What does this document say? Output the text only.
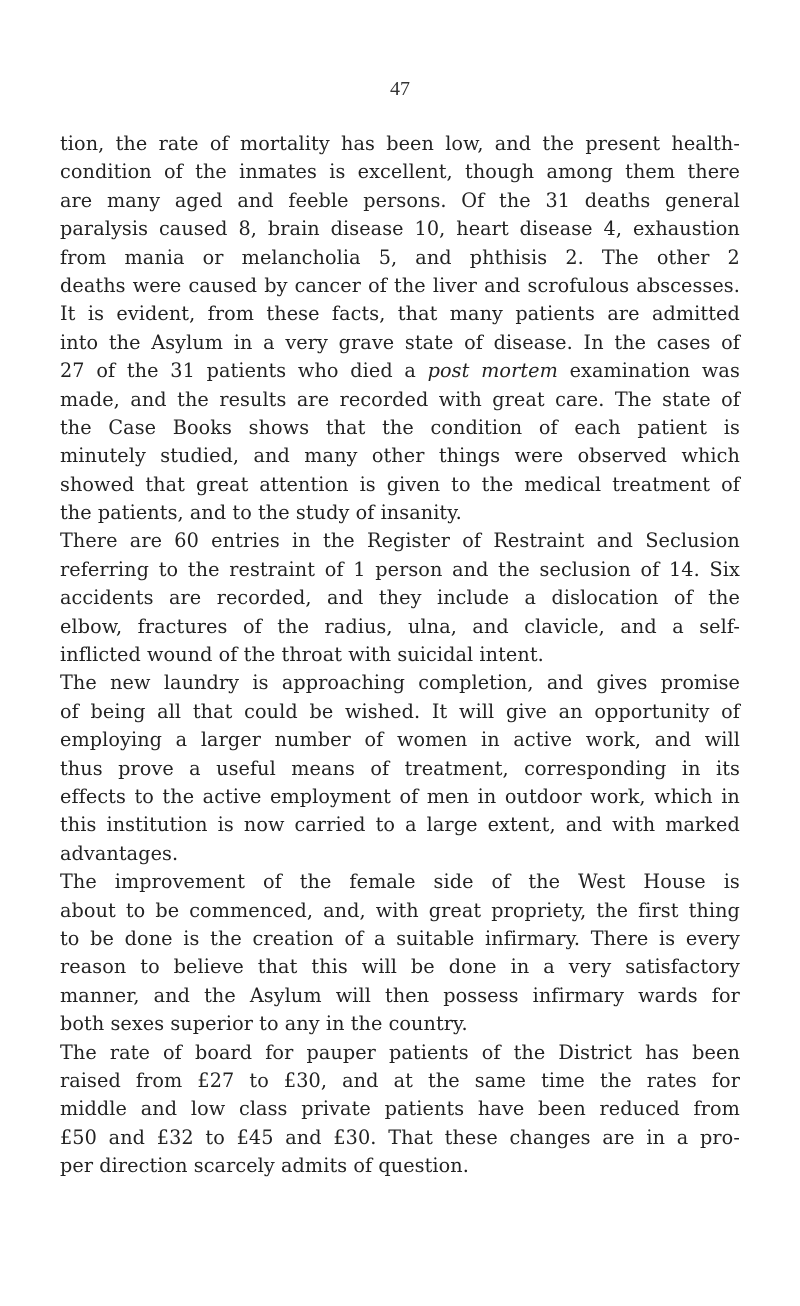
47
tion, the rate of mortality has been low, and the present health-
condition of the inmates is excellent, though among them there
are many aged and feeble persons. Of the 31 deaths general
paralysis caused 8, brain disease 10, heart disease 4, exhaustion
from mania or melancholia 5, and phthisis 2. The other 2
deaths were caused by cancer of the liver and scrofulous abscesses.
It is evident, from these facts, that many patients are admitted
into the Asylum in a very grave state of disease. In the cases of
27 of the 31 patients who died a post mortem examination was
made, and the results are recorded with great care. The state of
the Case Books shows that the condition of each patient is
minutely studied, and many other things were observed which
showed that great attention is given to the medical treatment of
the patients, and to the study of insanity.
There are 60 entries in the Register of Restraint and Seclusion
referring to the restraint of 1 person and the seclusion of 14. Six
accidents are recorded, and they include a dislocation of the
elbow, fractures of the radius, ulna, and clavicle, and a self-
inflicted wound of the throat with suicidal intent.
The new laundry is approaching completion, and gives promise
of being all that could be wished. It will give an opportunity of
employing a larger number of women in active work, and will
thus prove a useful means of treatment, corresponding in its
effects to the active employment of men in outdoor work, which in
this institution is now carried to a large extent, and with marked
advantages.
The improvement of the female side of the West House is
about to be commenced, and, with great propriety, the first thing
to be done is the creation of a suitable infirmary. There is every
reason to believe that this will be done in a very satisfactory
manner, and the Asylum will then possess infirmary wards for
both sexes superior to any in the country.
The rate of board for pauper patients of the District has been
raised from £27 to £30, and at the same time the rates for
middle and low class private patients have been reduced from
£50 and £32 to £45 and £30. That these changes are in a pro-
per direction scarcely admits of question.
